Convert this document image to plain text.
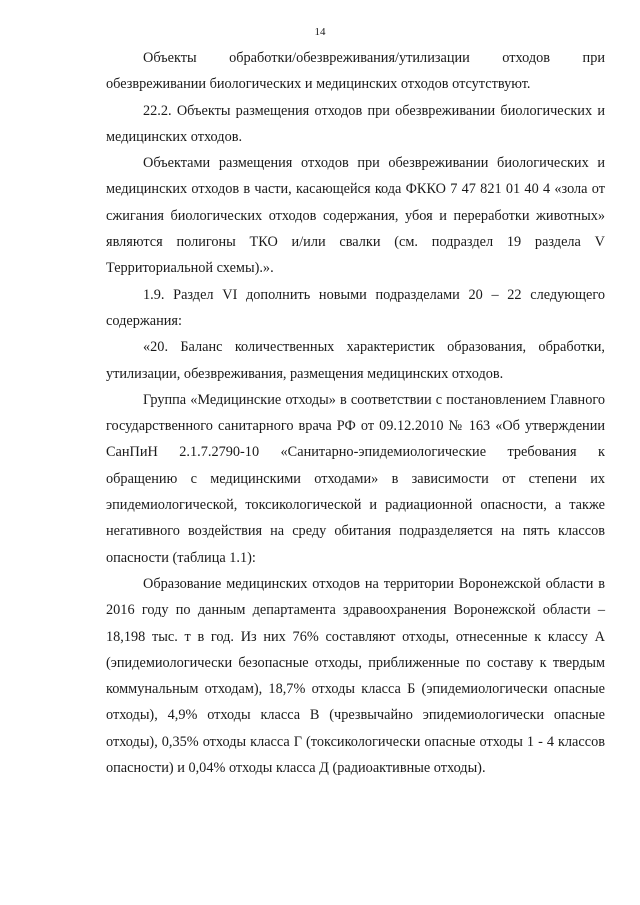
14

Объекты обработки/обезвреживания/утилизации отходов при обезвреживании биологических и медицинских отходов отсутствуют.

22.2. Объекты размещения отходов при обезвреживании биологических и медицинских отходов.

Объектами размещения отходов при обезвреживании биологических и медицинских отходов в части, касающейся кода ФККО 7 47 821 01 40 4 «зола от сжигания биологических отходов содержания, убоя и переработки животных» являются полигоны ТКО и/или свалки (см. подраздел 19 раздела V Территориальной схемы).».

1.9. Раздел VI дополнить новыми подразделами 20 – 22 следующего содержания:

«20. Баланс количественных характеристик образования, обработки, утилизации, обезвреживания, размещения медицинских отходов.

Группа «Медицинские отходы» в соответствии с постановлением Главного государственного санитарного врача РФ от 09.12.2010 № 163 «Об утверждении СанПиН 2.1.7.2790-10 «Санитарно-эпидемиологические требования к обращению с медицинскими отходами» в зависимости от степени их эпидемиологической, токсикологической и радиационной опасности, а также негативного воздействия на среду обитания подразделяется на пять классов опасности (таблица 1.1):

Образование медицинских отходов на территории Воронежской области в 2016 году по данным департамента здравоохранения Воронежской области – 18,198 тыс. т в год. Из них 76% составляют отходы, отнесенные к классу А (эпидемиологически безопасные отходы, приближенные по составу к твердым коммунальным отходам), 18,7% отходы класса Б (эпидемиологически опасные отходы), 4,9% отходы класса В (чрезвычайно эпидемиологически опасные отходы), 0,35% отходы класса Г (токсикологически опасные отходы 1 - 4 классов опасности) и 0,04% отходы класса Д (радиоактивные отходы).
